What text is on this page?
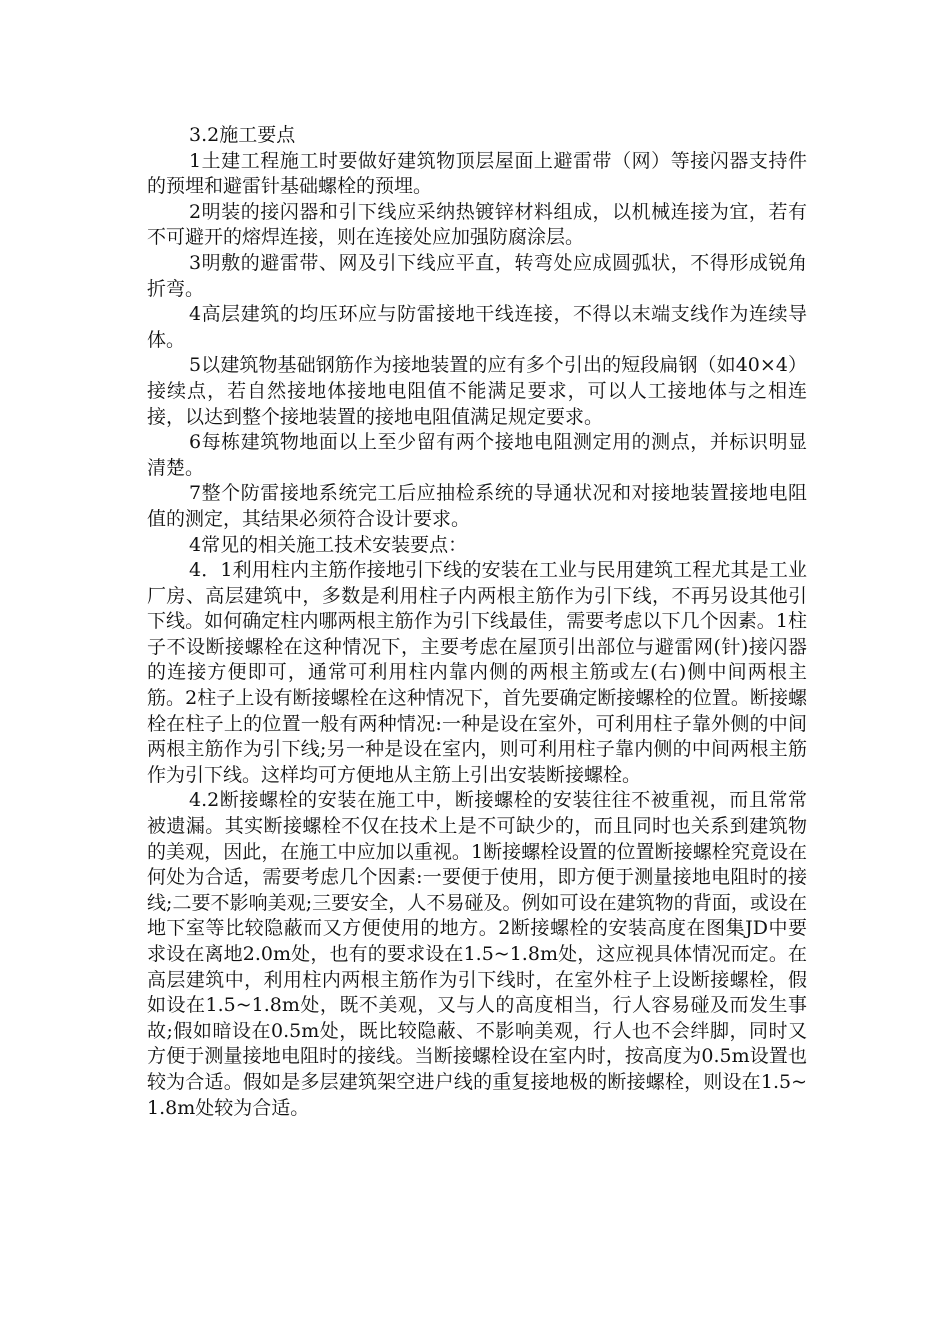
3.2施工要点

1土建工程施工时要做好建筑物顶层屋面上避雷带（网）等接闪器支持件的预埋和避雷针基础螺栓的预埋。

2明装的接闪器和引下线应采纳热镀锌材料组成，以机械连接为宜，若有不可避开的熔焊连接，则在连接处应加强防腐涂层。

3明敷的避雷带、网及引下线应平直，转弯处应成圆弧状，不得形成锐角折弯。

4高层建筑的均压环应与防雷接地干线连接，不得以末端支线作为连续导体。

5以建筑物基础钢筋作为接地装置的应有多个引出的短段扁钢（如40×4）接续点，若自然接地体接地电阻值不能满足要求，可以人工接地体与之相连接，以达到整个接地装置的接地电阻值满足规定要求。

6每栋建筑物地面以上至少留有两个接地电阻测定用的测点，并标识明显清楚。

7整个防雷接地系统完工后应抽检系统的导通状况和对接地装置接地电阻值的测定，其结果必须符合设计要求。

4常见的相关施工技术安装要点：

4．1利用柱内主筋作接地引下线的安装在工业与民用建筑工程尤其是工业厂房、高层建筑中，多数是利用柱子内两根主筋作为引下线，不再另设其他引下线。如何确定柱内哪两根主筋作为引下线最佳，需要考虑以下几个因素。1柱子不设断接螺栓在这种情况下，主要考虑在屋顶引出部位与避雷网(针)接闪器的连接方便即可，通常可利用柱内靠内侧的两根主筋或左(右)侧中间两根主筋。2柱子上设有断接螺栓在这种情况下，首先要确定断接螺栓的位置。断接螺栓在柱子上的位置一般有两种情况:一种是设在室外，可利用柱子靠外侧的中间两根主筋作为引下线;另一种是设在室内，则可利用柱子靠内侧的中间两根主筋作为引下线。这样均可方便地从主筋上引出安装断接螺栓。

4.2断接螺栓的安装在施工中，断接螺栓的安装往往不被重视，而且常常被遗漏。其实断接螺栓不仅在技术上是不可缺少的，而且同时也关系到建筑物的美观，因此，在施工中应加以重视。1断接螺栓设置的位置断接螺栓究竟设在何处为合适，需要考虑几个因素:一要便于使用，即方便于测量接地电阻时的接线;二要不影响美观;三要安全，人不易碰及。例如可设在建筑物的背面，或设在地下室等比较隐蔽而又方便使用的地方。2断接螺栓的安装高度在图集JD中要求设在离地2.0m处，也有的要求设在1.5~1.8m处，这应视具体情况而定。在高层建筑中，利用柱内两根主筋作为引下线时，在室外柱子上设断接螺栓，假如设在1.5~1.8m处，既不美观，又与人的高度相当，行人容易碰及而发生事故;假如暗设在0.5m处，既比较隐蔽、不影响美观，行人也不会绊脚，同时又方便于测量接地电阻时的接线。当断接螺栓设在室内时，按高度为0.5m设置也较为合适。假如是多层建筑架空进户线的重复接地极的断接螺栓，则设在1.5~1.8m处较为合适。
